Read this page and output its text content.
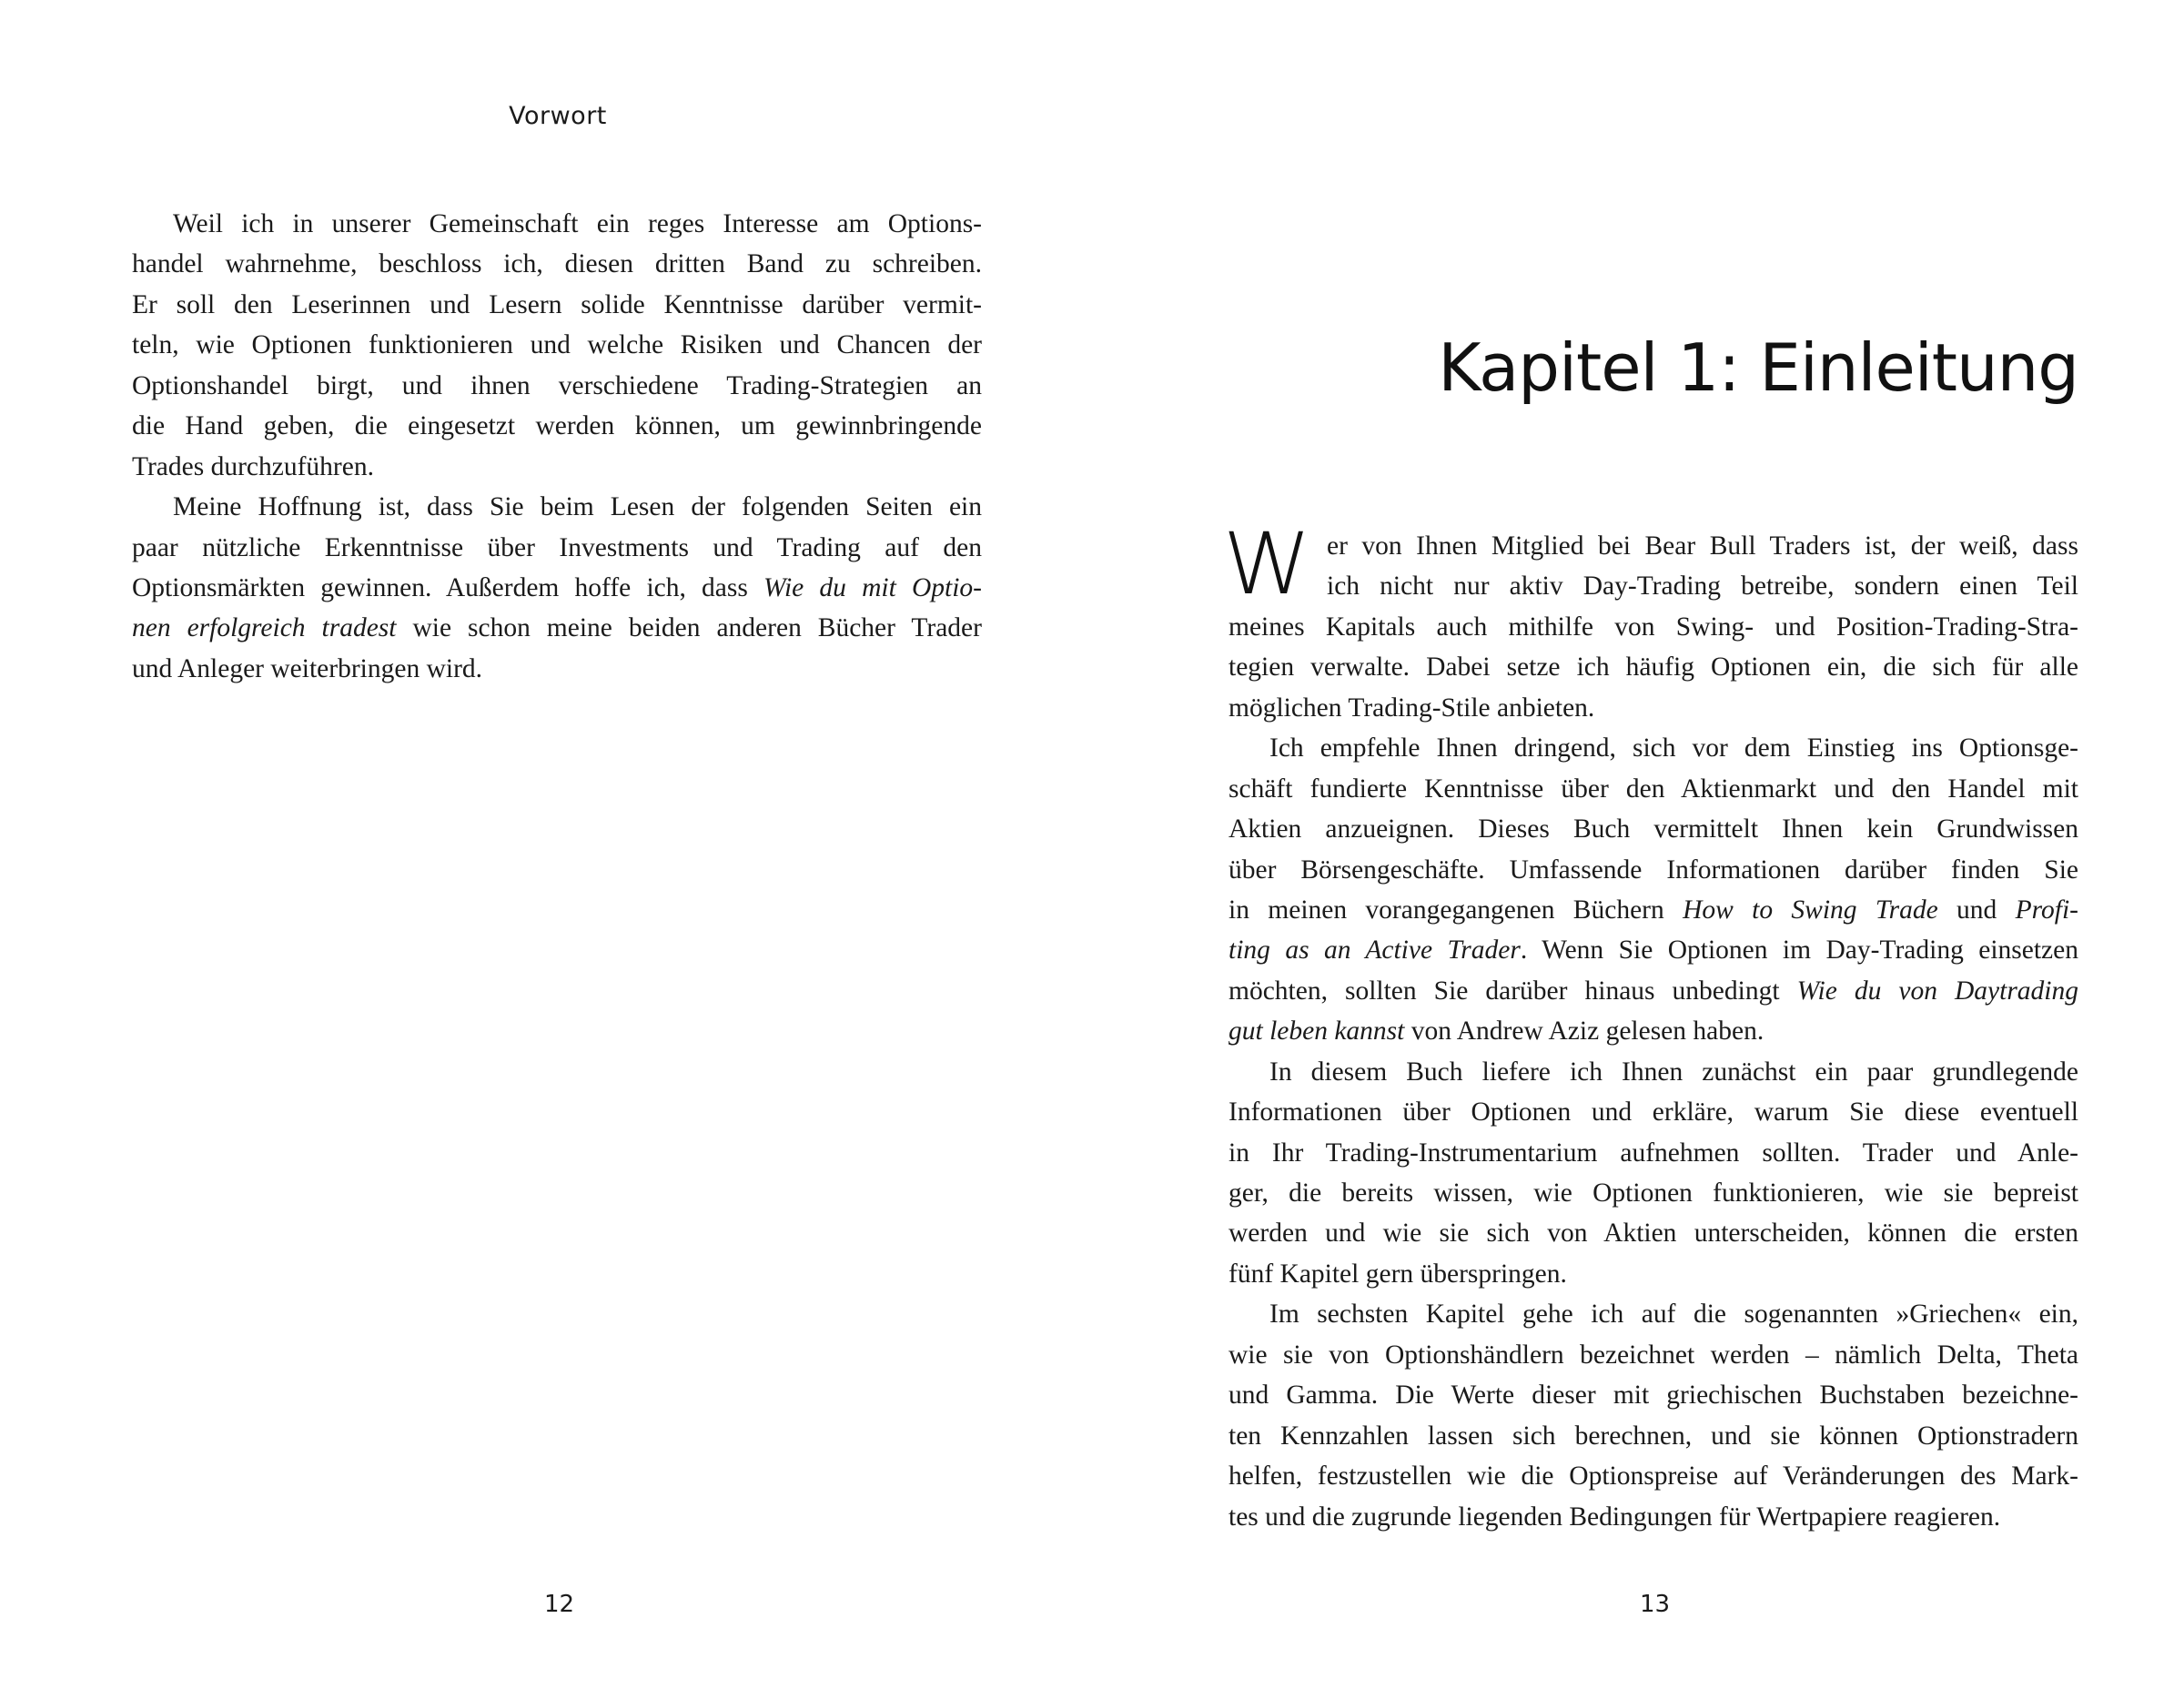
Vorwort
Weil ich in unserer Gemeinschaft ein reges Interesse am Options-
handel wahrnehme, beschloss ich, diesen dritten Band zu schreiben.
Er soll den Leserinnen und Lesern solide Kenntnisse darüber vermit-
teln, wie Optionen funktionieren und welche Risiken und Chancen der
Optionshandel birgt, und ihnen verschiedene Trading-Strategien an
die Hand geben, die eingesetzt werden können, um gewinnbringende
Trades durchzuführen.
Meine Hoffnung ist, dass Sie beim Lesen der folgenden Seiten ein
paar nützliche Erkenntnisse über Investments und Trading auf den
Optionsmärkten gewinnen. Außerdem hoffe ich, dass Wie du mit Optio-
nen erfolgreich tradest wie schon meine beiden anderen Bücher Trader
und Anleger weiterbringen wird.
12
Kapitel 1: Einleitung
13
W er von Ihnen Mitglied bei Bear Bull Traders ist, der weiß, dass
ich nicht nur aktiv Day-Trading betreibe, sondern einen Teil
meines Kapitals auch mithilfe von Swing- und Position-Trading-Stra-
tegien verwalte. Dabei setze ich häufig Optionen ein, die sich für alle
möglichen Trading-Stile anbieten.
Ich empfehle Ihnen dringend, sich vor dem Einstieg ins Optionsge-
schäft fundierte Kenntnisse über den Aktienmarkt und den Handel mit
Aktien anzueignen. Dieses Buch vermittelt Ihnen kein Grundwissen
über Börsengeschäfte. Umfassende Informationen darüber finden Sie
in meinen vorangegangenen Büchern How to Swing Trade und Profi-
ting as an Active Trader. Wenn Sie Optionen im Day-Trading einsetzen
möchten, sollten Sie darüber hinaus unbedingt Wie du von Daytrading
gut leben kannst von Andrew Aziz gelesen haben.
In diesem Buch liefere ich Ihnen zunächst ein paar grundlegende
Informationen über Optionen und erkläre, warum Sie diese eventuell
in Ihr Trading-Instrumentarium aufnehmen sollten. Trader und Anle-
ger, die bereits wissen, wie Optionen funktionieren, wie sie bepreist
werden und wie sie sich von Aktien unterscheiden, können die ersten
fünf Kapitel gern überspringen.
Im sechsten Kapitel gehe ich auf die sogenannten »Griechen« ein,
wie sie von Optionshändlern bezeichnet werden – nämlich Delta, Theta
und Gamma. Die Werte dieser mit griechischen Buchstaben bezeichne-
ten Kennzahlen lassen sich berechnen, und sie können Optionstradern
helfen, festzustellen wie die Optionspreise auf Veränderungen des Mark-
tes und die zugrunde liegenden Bedingungen für Wertpapiere reagieren.
